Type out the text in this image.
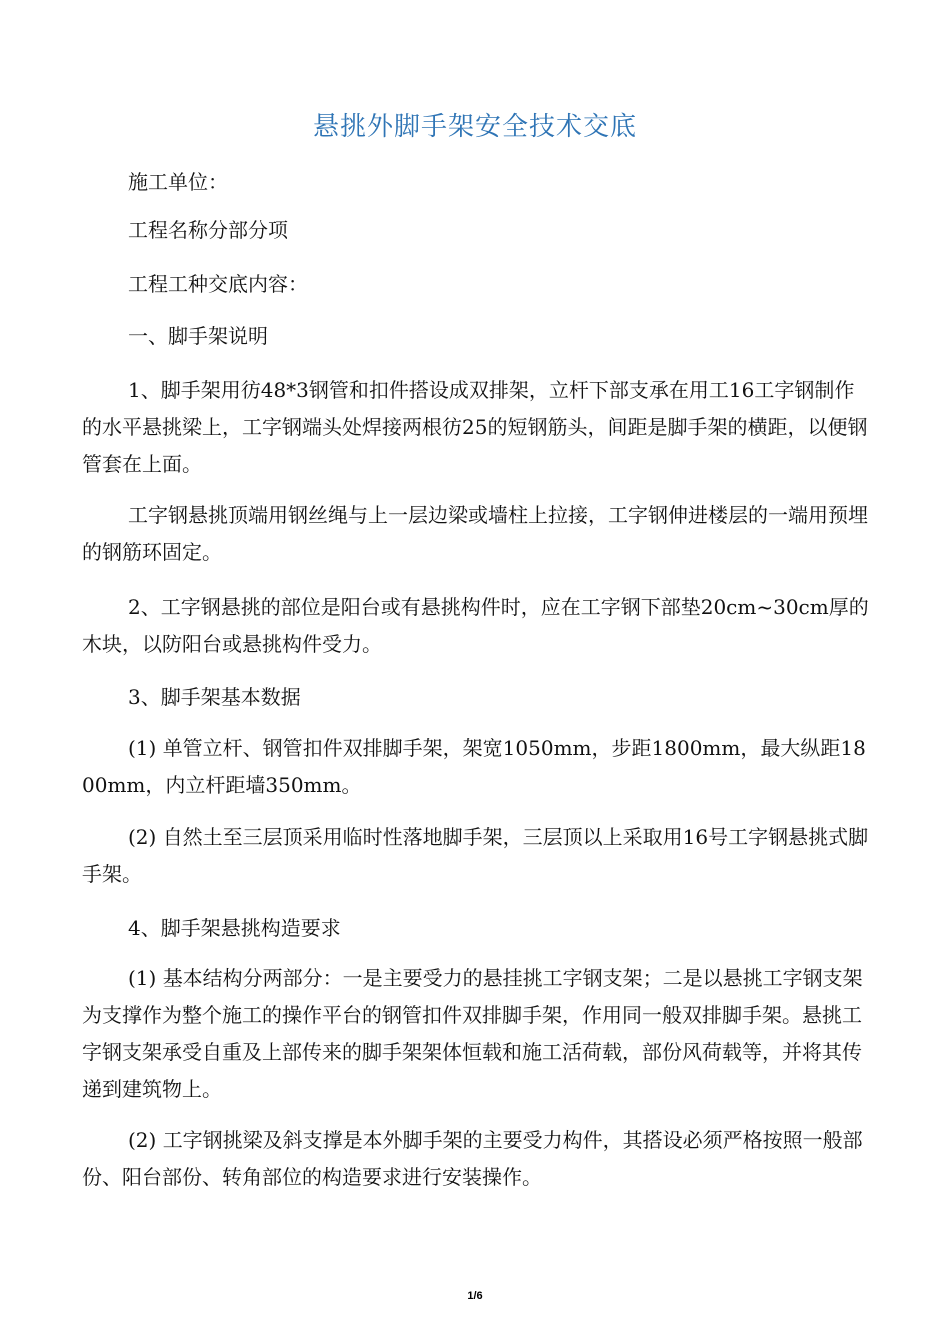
悬挑外脚手架安全技术交底

施工单位：

工程名称分部分项

工程工种交底内容：

一、脚手架说明

1、脚手架用彷48*3钢管和扣件搭设成双排架，立杆下部支承在用工16工字钢制作的水平悬挑梁上，工字钢端头处焊接两根彷25的短钢筋头，间距是脚手架的横距，以便钢管套在上面。

工字钢悬挑顶端用钢丝绳与上一层边梁或墙柱上拉接，工字钢伸进楼层的一端用预埋的钢筋环固定。

2、工字钢悬挑的部位是阳台或有悬挑构件时，应在工字钢下部垫20cm~30cm厚的木块，以防阳台或悬挑构件受力。

3、脚手架基本数据

(1) 单管立杆、钢管扣件双排脚手架，架宽1050mm，步距1800mm，最大纵距1800mm，内立杆距墙350mm。

(2) 自然土至三层顶采用临时性落地脚手架，三层顶以上采取用16号工字钢悬挑式脚手架。

4、脚手架悬挑构造要求

(1) 基本结构分两部分：一是主要受力的悬挂挑工字钢支架；二是以悬挑工字钢支架为支撑作为整个施工的操作平台的钢管扣件双排脚手架，作用同一般双排脚手架。悬挑工字钢支架承受自重及上部传来的脚手架架体恒载和施工活荷载，部份风荷载等，并将其传递到建筑物上。

(2) 工字钢挑梁及斜支撑是本外脚手架的主要受力构件，其搭设必须严格按照一般部份、阳台部份、转角部位的构造要求进行安装操作。

1/6
